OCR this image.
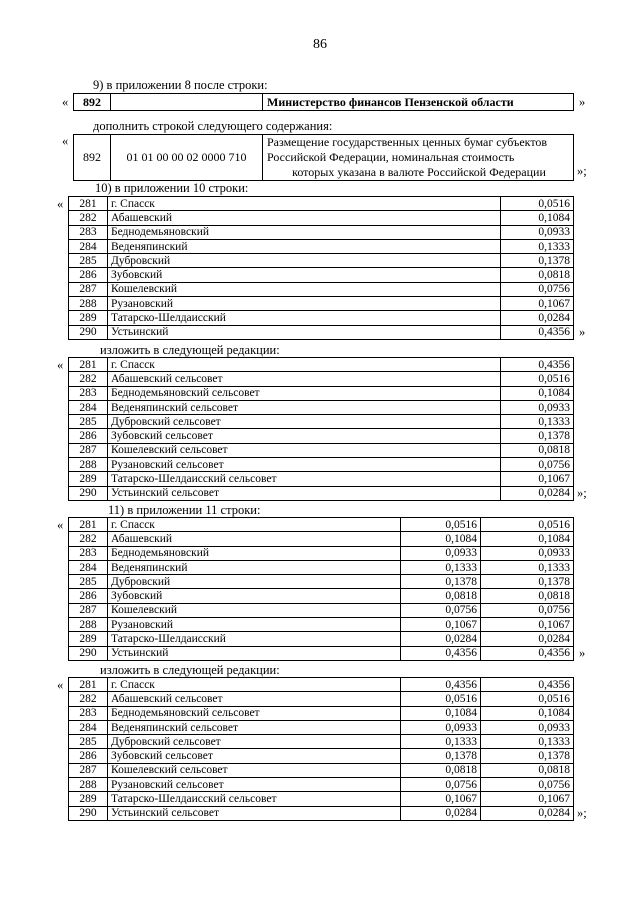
86
9) в приложении 8 после строки:
« 892		Министерство финансов Пензенской области	»
дополнить строкой следующего содержания:
«
892	01 01 00 00 02 0000 710	
Размещение государственных ценных бумаг субъектов
Российской Федерации, номинальная стоимость
которых указана в валюте Российской Федерации	»;
10) в приложении 10 строки:
« 281	г. Спасск	0,0516
282	Абашевский	0,1084
283	Беднодемьяновский	0,0933
284	Веденяпинский	0,1333
285	Дубровский	0,1378
286	Зубовский	0,0818
287	Кошелевский	0,0756
288	Рузановский	0,1067
289	Татарско-Шелдаисский	0,0284
290	Устьинский	0,4356 »
изложить в следующей редакции:
« 281	г. Спасск	0,4356
282	Абашевский сельсовет	0,0516
283	Беднодемьяновский сельсовет	0,1084
284	Веденяпинский сельсовет	0,0933
285	Дубровский сельсовет	0,1333
286	Зубовский сельсовет	0,1378
287	Кошелевский сельсовет	0,0818
288	Рузановский сельсовет	0,0756
289	Татарско-Шелдаисский сельсовет	0,1067
290	Устьинский сельсовет	0,0284 »;
11) в приложении 11 строки:
« 281	г. Спасск	0,0516	0,0516
282	Абашевский	0,1084	0,1084
283	Беднодемьяновский	0,0933	0,0933
284	Веденяпинский	0,1333	0,1333
285	Дубровский	0,1378	0,1378
286	Зубовский	0,0818	0,0818
287	Кошелевский	0,0756	0,0756
288	Рузановский	0,1067	0,1067
289	Татарско-Шелдаисский	0,0284	0,0284
290	Устьинский	0,4356	0,4356 »
изложить в следующей редакции:
« 281	г. Спасск	0,4356	0,4356
282	Абашевский сельсовет	0,0516	0,0516
283	Беднодемьяновский сельсовет	0,1084	0,1084
284	Веденяпинский сельсовет	0,0933	0,0933
285	Дубровский сельсовет	0,1333	0,1333
286	Зубовский сельсовет	0,1378	0,1378
287	Кошелевский сельсовет	0,0818	0,0818
288	Рузановский сельсовет	0,0756	0,0756
289	Татарско-Шелдаисский сельсовет	0,1067	0,1067
290	Устьинский сельсовет	0,0284	0,0284 »;
